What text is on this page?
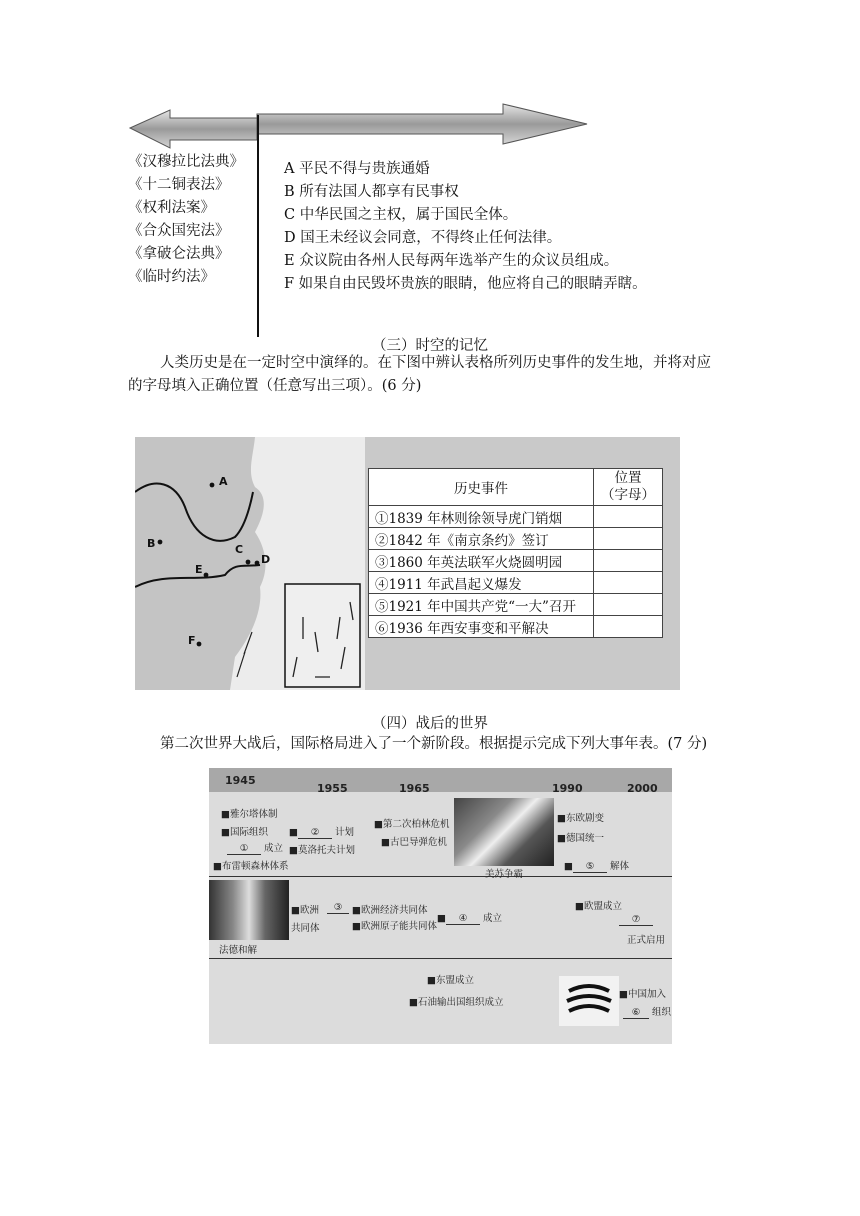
《汉穆拉比法典》
《十二铜表法》
《权利法案》
《合众国宪法》
《拿破仑法典》
《临时约法》
A 平民不得与贵族通婚
B 所有法国人都享有民事权
C 中华民国之主权，属于国民全体。
D 国王未经议会同意，不得终止任何法律。
E 众议院由各州人民每两年选举产生的众议员组成。
F 如果自由民毁坏贵族的眼睛，他应将自己的眼睛弄瞎。
（三）时空的记忆
人类历史是在一定时空中演绎的。在下图中辨认表格所列历史事件的发生地，并将对应
的字母填入正确位置（任意写出三项）。(6 分)
A
B	C
D
E
F
历史事件	位置
（字母）

①1839 年林则徐领导虎门销烟	
②1842 年《南京条约》签订	
③1860 年英法联军火烧圆明园	
④1911 年武昌起义爆发	
⑤1921 年中国共产党“一大”召开	
⑥1936 年西安事变和平解决	
（四）战后的世界
第二次世界大战后，国际格局进入了一个新阶段。根据提示完成下列大事年表。(7 分)
1945
1955	1965	1990	2000
■雅尔塔体制
■国际组织
① 成立
■布雷顿森林体系
■ ② 计划
■莫洛托夫计划
■第二次柏林危机
■古巴导弹危机
美苏争霸
■东欧剧变
■德国统一
■ ⑤ 解体
法德和解
■欧洲
共同体
③	■欧洲经济共同体
■欧洲原子能共同体
■ ④ 成立
■欧盟成立
⑦
正式启用
■东盟成立
■石油输出国组织成立
■中国加入
⑥ 组织
